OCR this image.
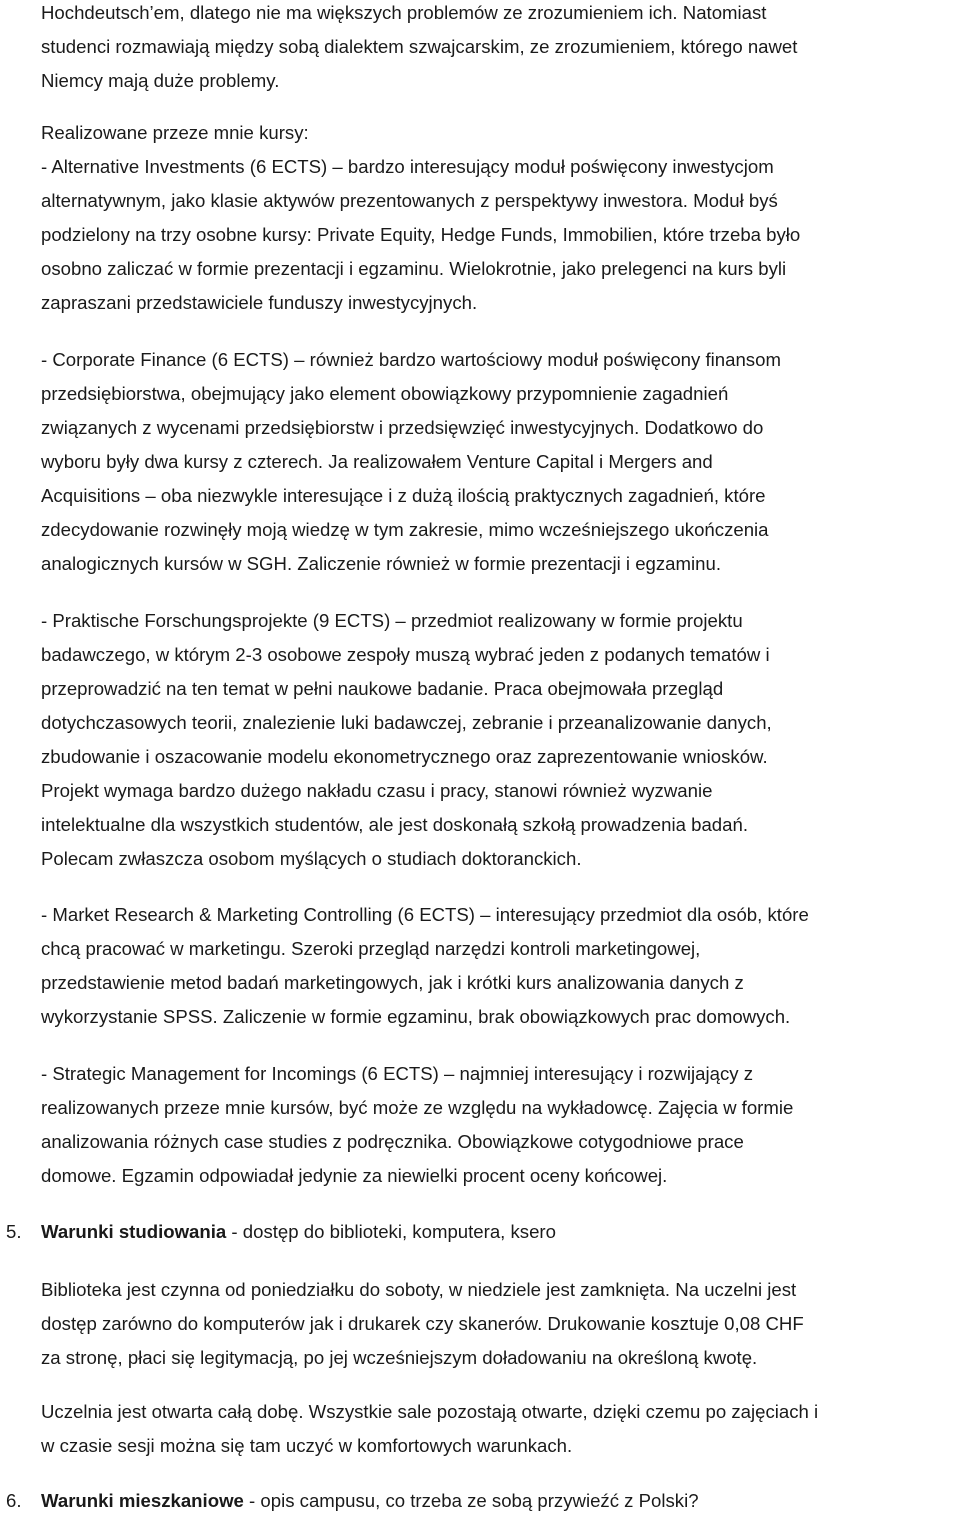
Hochdeutsch’em, dlatego nie ma większych problemów ze zrozumieniem ich. Natomiast
studenci rozmawiają między sobą dialektem szwajcarskim, ze zrozumieniem, którego nawet
Niemcy mają duże problemy.

Realizowane przeze mnie kursy:
- Alternative Investments (6 ECTS) – bardzo interesujący moduł poświęcony inwestycjom
alternatywnym, jako klasie aktywów prezentowanych z perspektywy inwestora. Moduł byś
podzielony na trzy osobne kursy: Private Equity, Hedge Funds, Immobilien, które trzeba było
osobno zaliczać w formie prezentacji i egzaminu. Wielokrotnie, jako prelegenci na kurs byli
zapraszani przedstawiciele funduszy inwestycyjnych.

- Corporate Finance (6 ECTS) – również bardzo wartościowy moduł poświęcony finansom
przedsiębiorstwa, obejmujący jako element obowiązkowy przypomnienie zagadnień
związanych z wycenami przedsiębiorstw i przedsięwzięć inwestycyjnych. Dodatkowo do
wyboru były dwa kursy z czterech. Ja realizowałem Venture Capital i Mergers and
Acquisitions – oba niezwykle interesujące i z dużą ilością praktycznych zagadnień, które
zdecydowanie rozwinęły moją wiedzę w tym zakresie, mimo wcześniejszego ukończenia
analogicznych kursów w SGH. Zaliczenie również w formie prezentacji i egzaminu.

- Praktische Forschungsprojekte (9 ECTS) – przedmiot realizowany w formie projektu
badawczego, w którym 2-3 osobowe zespoły muszą wybrać jeden z podanych tematów i
przeprowadzić na ten temat w pełni naukowe badanie. Praca obejmowała przegląd
dotychczasowych teorii, znalezienie luki badawczej, zebranie i przeanalizowanie danych,
zbudowanie i oszacowanie modelu ekonometrycznego oraz zaprezentowanie wniosków.
Projekt wymaga bardzo dużego nakładu czasu i pracy, stanowi również wyzwanie
intelektualne dla wszystkich studentów, ale jest doskonałą szkołą prowadzenia badań.
Polecam zwłaszcza osobom myślących o studiach doktoranckich.

- Market Research & Marketing Controlling (6 ECTS) – interesujący przedmiot dla osób, które
chcą pracować w marketingu. Szeroki przegląd narzędzi kontroli marketingowej,
przedstawienie metod badań marketingowych, jak i krótki kurs analizowania danych z
wykorzystanie SPSS. Zaliczenie w formie egzaminu, brak obowiązkowych prac domowych.

- Strategic Management for Incomings (6 ECTS) – najmniej interesujący i rozwijający z
realizowanych przeze mnie kursów, być może ze względu na wykładowcę. Zajęcia w formie
analizowania różnych case studies z podręcznika. Obowiązkowe cotygodniowe prace
domowe. Egzamin odpowiadał jedynie za niewielki procent oceny końcowej.

5. Warunki studiowania - dostęp do biblioteki, komputera, ksero

Biblioteka jest czynna od poniedziałku do soboty, w niedziele jest zamknięta. Na uczelni jest
dostęp zarówno do komputerów jak i drukarek czy skanerów. Drukowanie kosztuje 0,08 CHF
za stronę, płaci się legitymacją, po jej wcześniejszym doładowaniu na określoną kwotę.

Uczelnia jest otwarta całą dobę. Wszystkie sale pozostają otwarte, dzięki czemu po zajęciach i
w czasie sesji można się tam uczyć w komfortowych warunkach.

6. Warunki mieszkaniowe - opis campusu, co trzeba ze sobą przywieźć z Polski?
